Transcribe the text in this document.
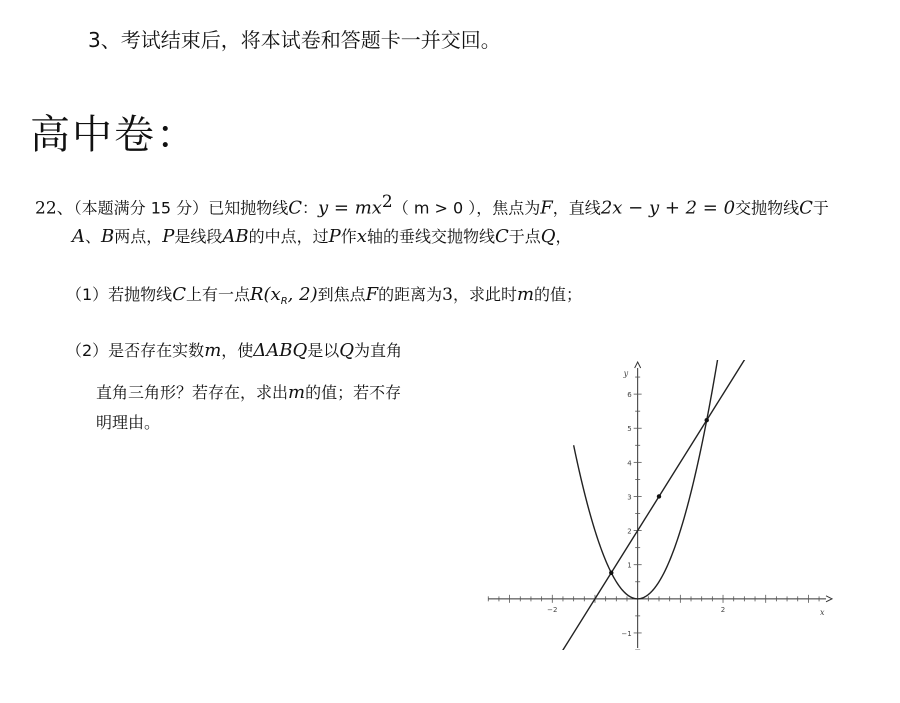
3、考试结束后，将本试卷和答题卡一并交回。
高中卷：
22、（本题满分 15 分）已知抛物线C：$y = mx^2$（ m > 0 ），焦点为F，直线2x − y + 2 = 0交抛物线C于
A、B两点，P是线段AB的中点，过P作x轴的垂线交抛物线C于点Q，
（1）若抛物线C上有一点$R(x_R$, 2)到焦点F的距离为3，求此时m的值；
（2）是否存在实数m，使ΔABQ是以Q为直角
直角三角形？若存在，求出m的值；若不存
明理由。
−2	2
−1
1
2
3
4
5
6
x
y
